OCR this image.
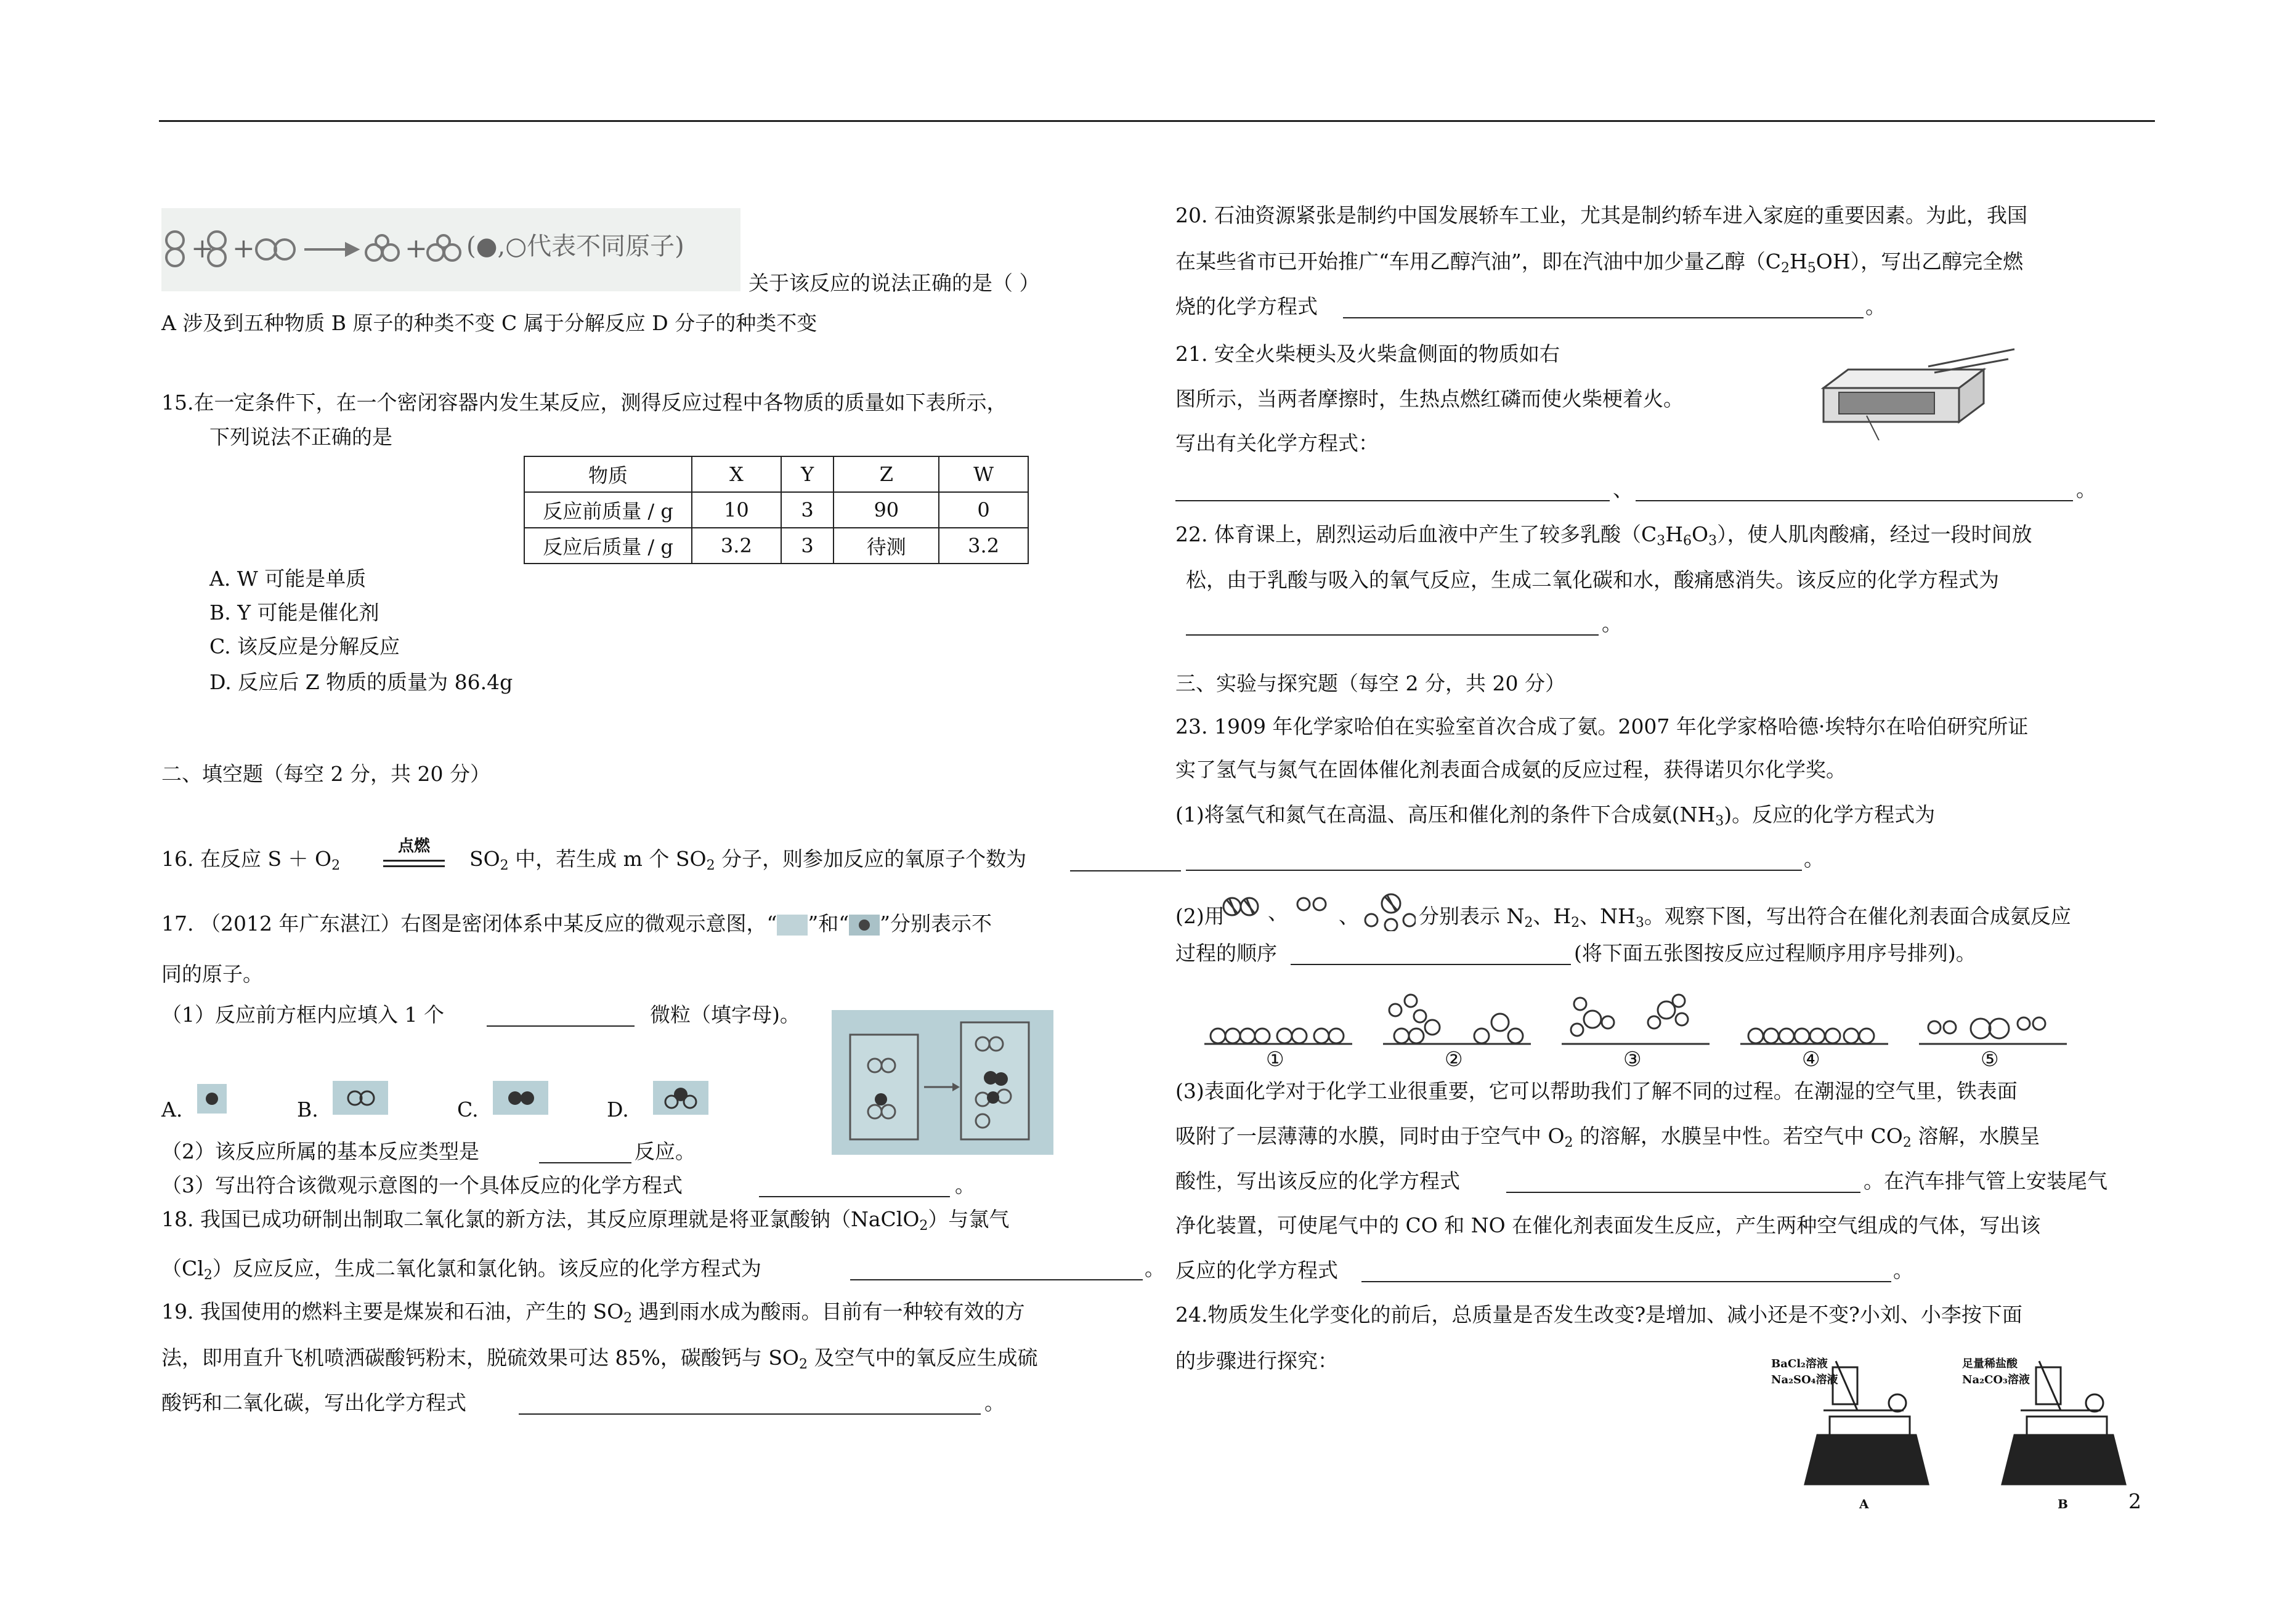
+ +	+ (●,○代表不同原子)
关于该反应的说法正确的是（ ）
A 涉及到五种物质 B 原子的种类不变 C 属于分解反应 D 分子的种类不变
15.在一定条件下，在一个密闭容器内发生某反应，测得反应过程中各物质的质量如下表所示，
下列说法不正确的是
物质	X	Y	Z	W
反应前质量 / g	10	3	90	0
反应后质量 / g	3.2	3	待测	3.2
A. W 可能是单质
B. Y 可能是催化剂
C. 该反应是分解反应
D. 反应后 Z 物质的质量为 86.4g
二、填空题（每空 2 分，共 20 分）
16. 在反应 $S + O_2$
点燃
$SO_2$ 中，若生成 m 个 $SO_2$ 分子，则参加反应的氧原子个数为
17. （2012 年广东湛江）右图是密闭体系中某反应的微观示意图，“ ”和“ ”分别表示不
同的原子。
（1）反应前方框内应填入 1 个	微粒（填字母)。
A.	B.	C.	D.
（2）该反应所属的基本反应类型是	反应。
（3）写出符合该微观示意图的一个具体反应的化学方程式	。
18. 我国已成功研制出制取二氧化氯的新方法，其反应原理就是将亚氯酸钠（NaClO$_2$）与氯气
$(Cl_2)$反应反应，生成二氧化氯和氯化钠。该反应的化学方程式为	。
19. 我国使用的燃料主要是煤炭和石油，产生的 $SO_2$ 遇到雨水成为酸雨。目前有一种较有效的方
法，即用直升飞机喷洒碳酸钙粉末，脱硫效果可达 85%，碳酸钙与 $SO_2$ 及空气中的氧反应生成硫
酸钙和二氧化碳，写出化学方程式	。
20. 石油资源紧张是制约中国发展轿车工业，尤其是制约轿车进入家庭的重要因素。为此，我国
在某些省市已开始推广“车用乙醇汽油”，即在汽油中加少量乙醇$(C_2H_5OH)$，写出乙醇完全燃
烧的化学方程式	。
21. 安全火柴梗头及火柴盒侧面的物质如右
图所示，当两者摩擦时，生热点燃红磷而使火柴梗着火。
写出有关化学方程式：
、	。
22. 体育课上，剧烈运动后血液中产生了较多乳酸$(C_3H_6O_3)$，使人肌肉酸痛，经过一段时间放
松，由于乳酸与吸入的氧气反应，生成二氧化碳和水，酸痛感消失。该反应的化学方程式为
。
三、实验与探究题（每空 2 分，共 20 分）
23. 1909 年化学家哈伯在实验室首次合成了氨。2007 年化学家格哈德·埃特尔在哈伯研究所证
实了氢气与氮气在固体催化剂表面合成氨的反应过程，获得诺贝尔化学奖。
(1)将氢气和氮气在高温、高压和催化剂的条件下合成氨$(NH_3)$。反应的化学方程式为
。
(2)用 、 、	分别表示 $N_2$、$H_2$、$NH_3$。观察下图，写出符合在催化剂表面合成氨反应
过程的顺序	(将下面五张图按反应过程顺序用序号排列)。
①	②	③	④	⑤
(3)表面化学对于化学工业很重要，它可以帮助我们了解不同的过程。在潮湿的空气里，铁表面
吸附了一层薄薄的水膜，同时由于空气中 $O_2$ 的溶解，水膜呈中性。若空气中 $CO_2$ 溶解，水膜呈
酸性，写出该反应的化学方程式	。在汽车排气管上安装尾气
净化装置，可使尾气中的 CO 和 NO 在催化剂表面发生反应，产生两种空气组成的气体，写出该
反应的化学方程式	。
24.物质发生化学变化的前后，总质量是否发生改变?是增加、减小还是不变?小刘、小李按下面
的步骤进行探究：	BaCl₂溶液
Na₂SO₄溶液
A
足量稀盐酸
Na₂CO₃溶液
B	2
